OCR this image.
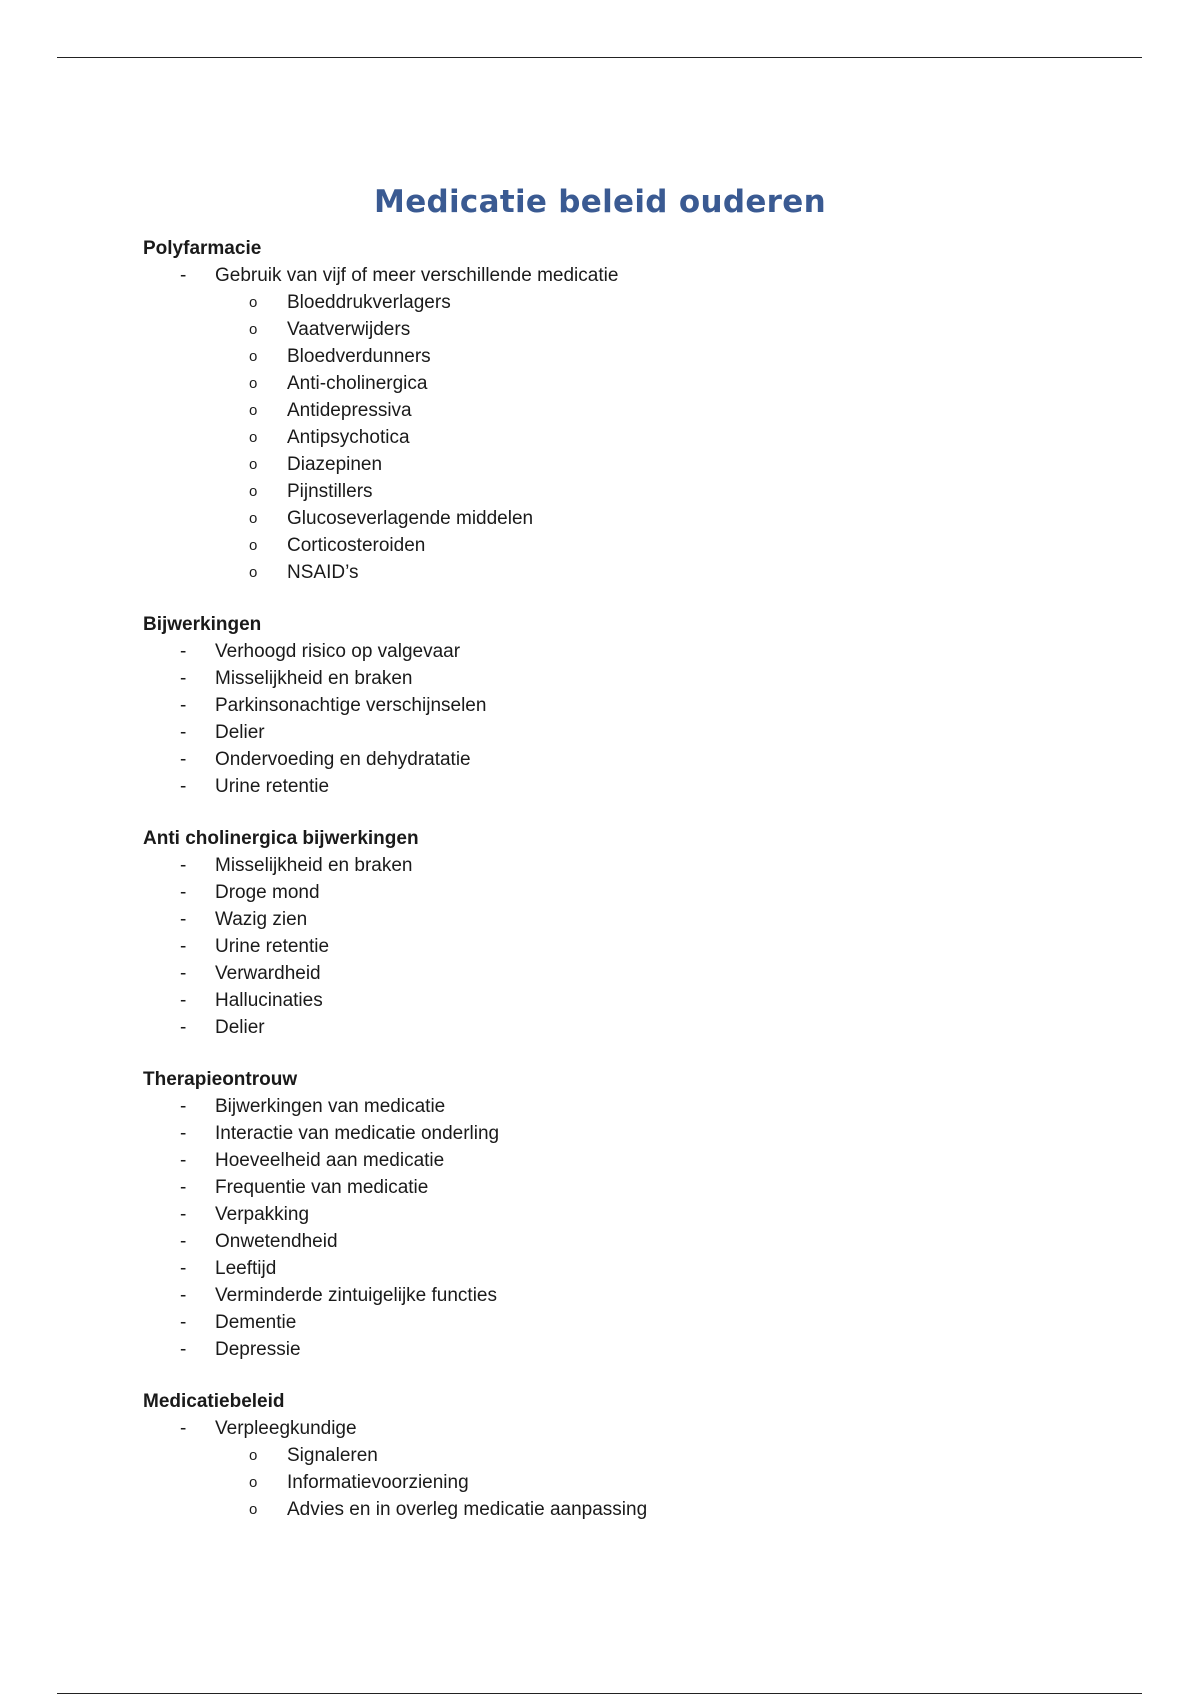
Medicatie beleid ouderen
Polyfarmacie
- Gebruik van vijf of meer verschillende medicatie
o Bloeddrukverlagers
o Vaatverwijders
o Bloedverdunners
o Anti-cholinergica
o Antidepressiva
o Antipsychotica
o Diazepinen
o Pijnstillers
o Glucoseverlagende middelen
o Corticosteroiden
o NSAID’s
Bijwerkingen
- Verhoogd risico op valgevaar
- Misselijkheid en braken
- Parkinsonachtige verschijnselen
- Delier
- Ondervoeding en dehydratatie
- Urine retentie
Anti cholinergica bijwerkingen
- Misselijkheid en braken
- Droge mond
- Wazig zien
- Urine retentie
- Verwardheid
- Hallucinaties
- Delier
Therapieontrouw
- Bijwerkingen van medicatie
- Interactie van medicatie onderling
- Hoeveelheid aan medicatie
- Frequentie van medicatie
- Verpakking
- Onwetendheid
- Leeftijd
- Verminderde zintuigelijke functies
- Dementie
- Depressie
Medicatiebeleid
- Verpleegkundige
o Signaleren
o Informatievoorziening
o Advies en in overleg medicatie aanpassing
